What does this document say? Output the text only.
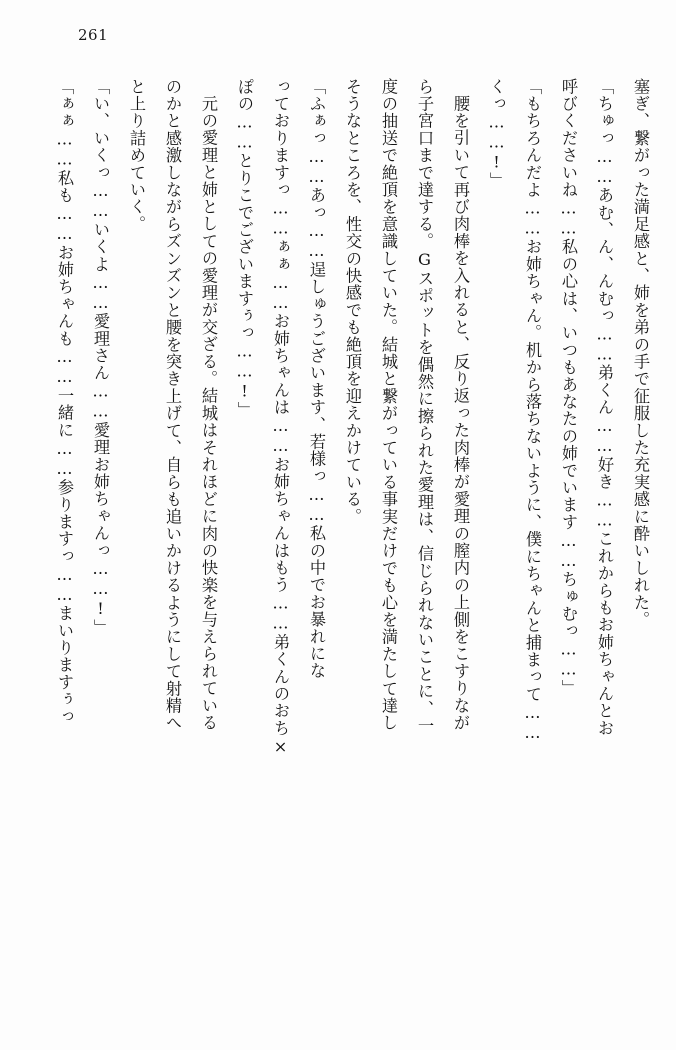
261
塞ぎ、繋がった満足感と、姉を弟の手で征服した充実感に酔いしれた。
「ちゅっ……あむ、ん、んむっ……弟くん……好き……これからもお姉ちゃんとお
呼びくださいね……私の心は、いつもあなたの姉でいます……ちゅむっ……」
「もちろんだよ……お姉ちゃん。机から落ちないように、僕にちゃんと捕まって……
くっ……!」
腰を引いて再び肉棒を入れると、反り返った肉棒が愛理の膣内の上側をこすりなが
ら子宮口まで達する。Gスポットを偶然に擦られた愛理は、信じられないことに、一
度の抽送で絶頂を意識していた。結城と繋がっている事実だけでも心を満たして達し
そうなところを、性交の快感でも絶頂を迎えかけている。
「ふぁっ……あっ……逞しゅうございます、若様っ……私の中でお暴れにな
っておりますっ……ぁぁ……お姉ちゃんは……お姉ちゃんはもう……弟くんのおち×
ぽの……とりこでございますぅっ……!」
元の愛理と姉としての愛理が交ざる。結城はそれほどに肉の快楽を与えられている
のかと感激しながらズンズンと腰を突き上げて、自らも追いかけるようにして射精へ
と上り詰めていく。
「い、いくっ……いくよ……愛理さん……愛理お姉ちゃんっ……!」
「ぁぁ……私も……お姉ちゃんも……一緒に……参りますっ……まいりますぅっ
